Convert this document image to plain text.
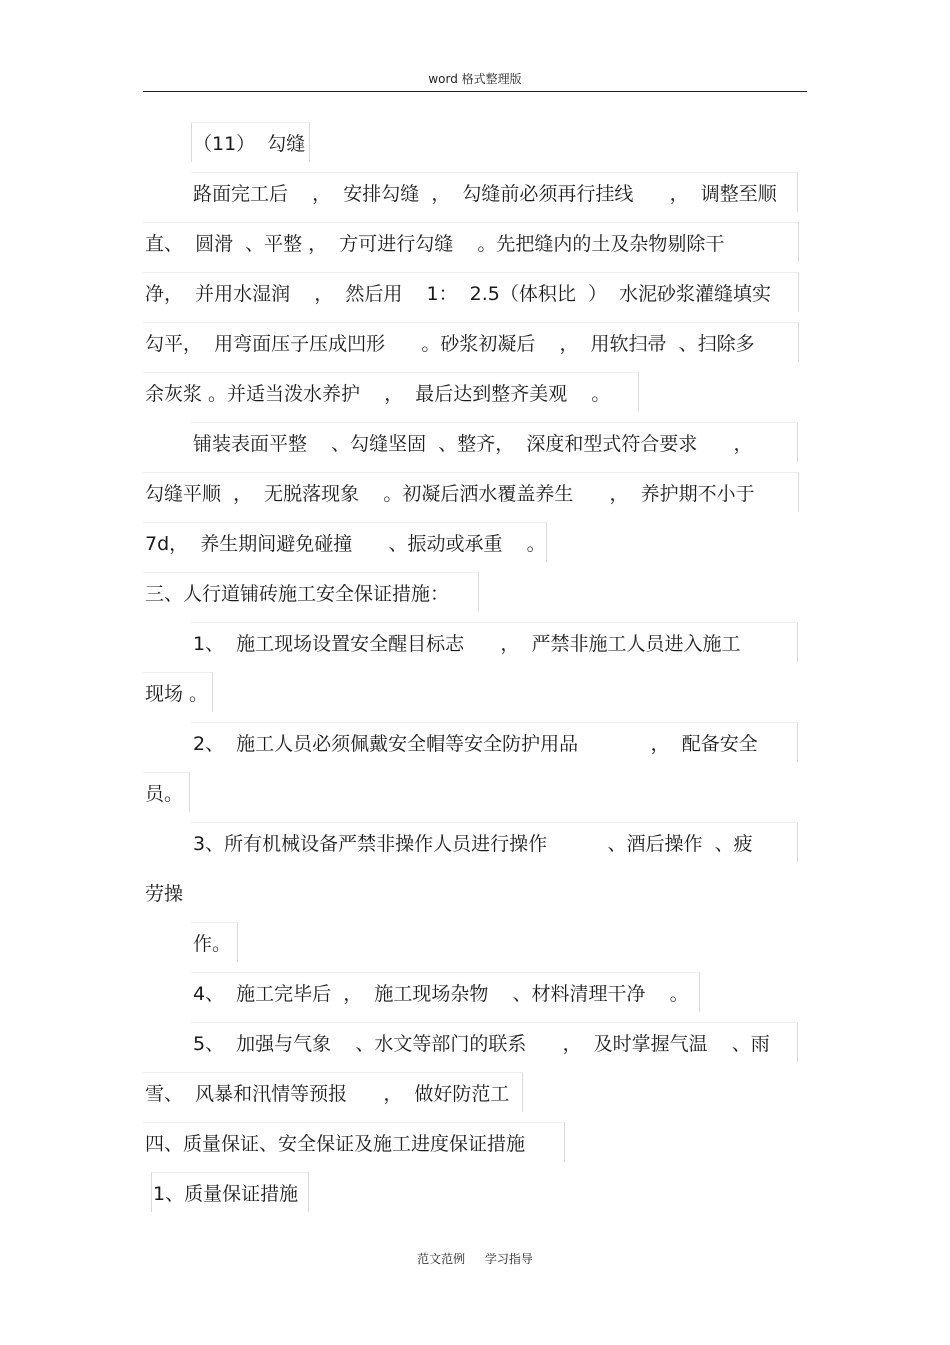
word 格式整理版
（11）  勾缝
路面完工后    ，  安排勾缝  ，  勾缝前必须再行挂线      ，  调整至顺
直、  圆滑  、平整 ，  方可进行勾缝    。先把缝内的土及杂物剔除干
净，  并用水湿润    ，  然后用    1：  2.5（体积比  ）  水泥砂浆灌缝填实
勾平，  用弯面压子压成凹形      。砂浆初凝后    ，  用软扫帚  、扫除多
余灰浆 。并适当泼水养护    ，  最后达到整齐美观    。
铺装表面平整    、勾缝坚固  、整齐，  深度和型式符合要求      ，
勾缝平顺  ，  无脱落现象    。初凝后洒水覆盖养生      ，  养护期不小于
7d，  养生期间避免碰撞      、振动或承重    。
三、人行道铺砖施工安全保证措施：
1、  施工现场设置安全醒目标志      ，  严禁非施工人员进入施工
现场 。
2、  施工人员必须佩戴安全帽等安全防护用品            ，  配备安全
员。
3、所有机械设备严禁非操作人员进行操作          、酒后操作  、疲
劳操
作。
4、  施工完毕后  ，  施工现场杂物    、材料清理干净    。
5、  加强与气象    、水文等部门的联系      ，  及时掌握气温    、雨
雪、  风暴和汛情等预报      ，  做好防范工
四、质量保证、安全保证及施工进度保证措施
1、质量保证措施
范文范例 学习指导
